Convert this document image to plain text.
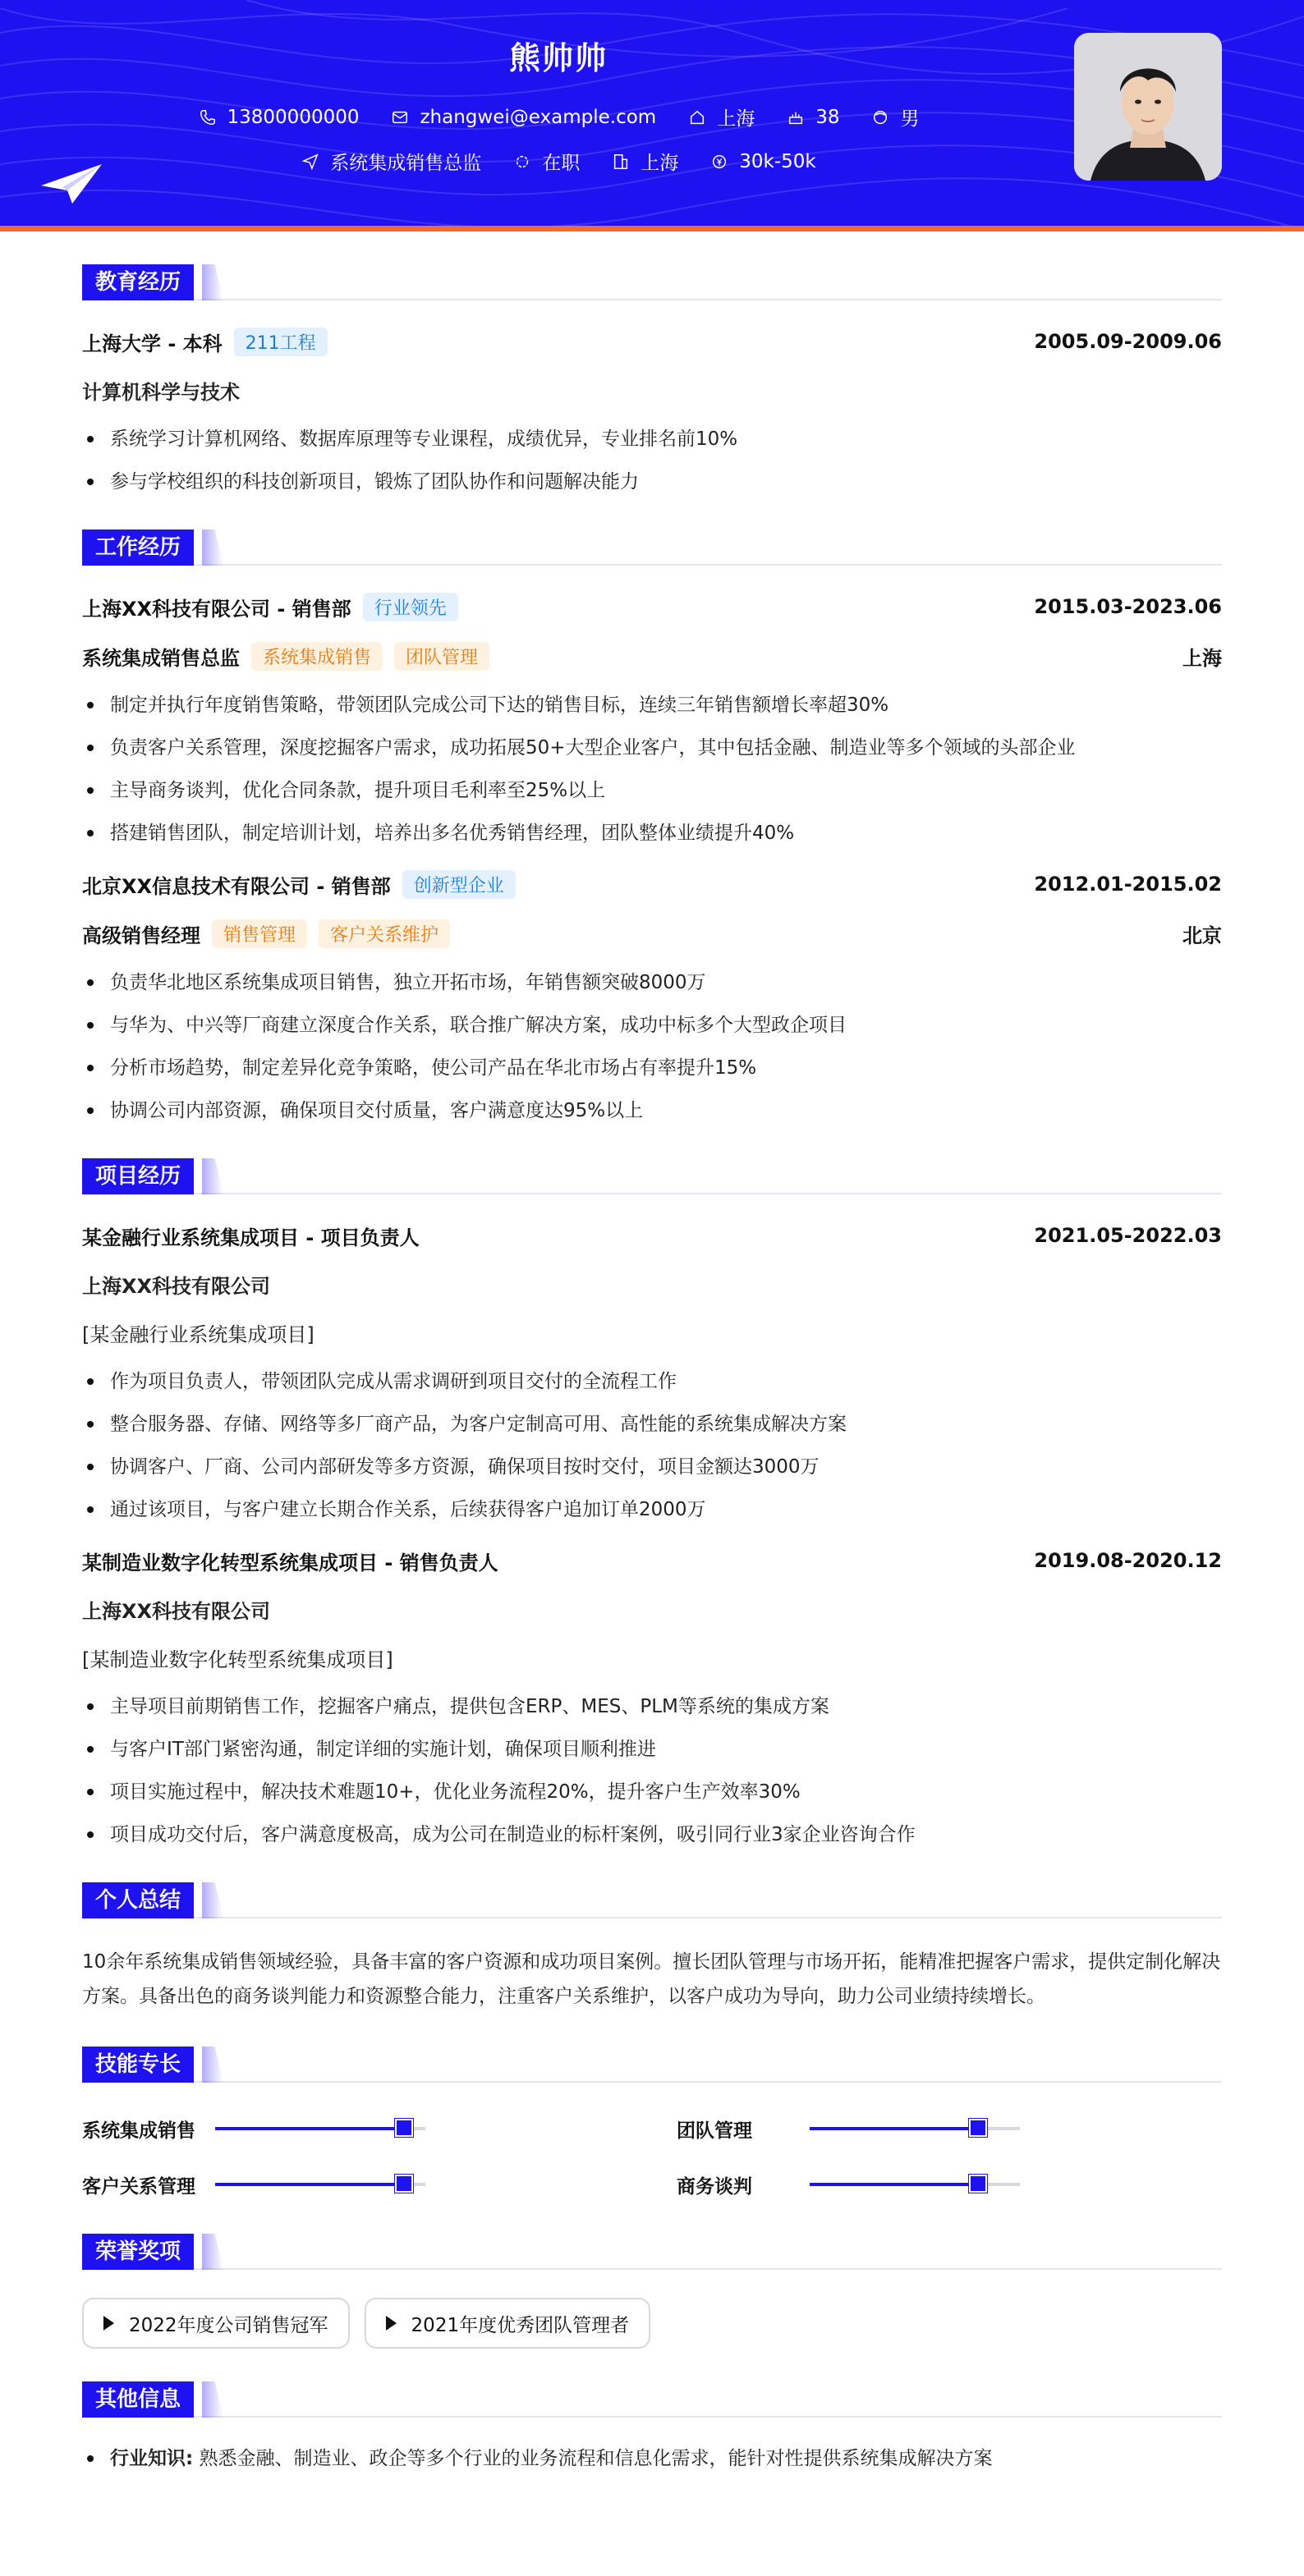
熊帅帅
13800000000	zhangwei@example.com	上海	38	男
系统集成销售总监	在职	上海	30k-50k
教育经历
上海大学 - 本科	211工程	2005.09-2009.06
计算机科学与技术
系统学习计算机网络、数据库原理等专业课程，成绩优异，专业排名前10%
参与学校组织的科技创新项目，锻炼了团队协作和问题解决能力
工作经历
上海XX科技有限公司 - 销售部	行业领先	2015.03-2023.06
系统集成销售总监	系统集成销售	团队管理	上海
制定并执行年度销售策略，带领团队完成公司下达的销售目标，连续三年销售额增长率超30%
负责客户关系管理，深度挖掘客户需求，成功拓展50+大型企业客户，其中包括金融、制造业等多个领域的头部企业
主导商务谈判，优化合同条款，提升项目毛利率至25%以上
搭建销售团队，制定培训计划，培养出多名优秀销售经理，团队整体业绩提升40%
北京XX信息技术有限公司 - 销售部	创新型企业	2012.01-2015.02
高级销售经理	销售管理	客户关系维护	北京
负责华北地区系统集成项目销售，独立开拓市场，年销售额突破8000万
与华为、中兴等厂商建立深度合作关系，联合推广解决方案，成功中标多个大型政企项目
分析市场趋势，制定差异化竞争策略，使公司产品在华北市场占有率提升15%
协调公司内部资源，确保项目交付质量，客户满意度达95%以上
项目经历
某金融行业系统集成项目 - 项目负责人	2021.05-2022.03
上海XX科技有限公司
[某金融行业系统集成项目]
作为项目负责人，带领团队完成从需求调研到项目交付的全流程工作
整合服务器、存储、网络等多厂商产品，为客户定制高可用、高性能的系统集成解决方案
协调客户、厂商、公司内部研发等多方资源，确保项目按时交付，项目金额达3000万
通过该项目，与客户建立长期合作关系，后续获得客户追加订单2000万
某制造业数字化转型系统集成项目 - 销售负责人	2019.08-2020.12
上海XX科技有限公司
[某制造业数字化转型系统集成项目]
主导项目前期销售工作，挖掘客户痛点，提供包含ERP、MES、PLM等系统的集成方案
与客户IT部门紧密沟通，制定详细的实施计划，确保项目顺利推进
项目实施过程中，解决技术难题10+，优化业务流程20%，提升客户生产效率30%
项目成功交付后，客户满意度极高，成为公司在制造业的标杆案例，吸引同行业3家企业咨询合作
个人总结

10余年系统集成销售领域经验，具备丰富的客户资源和成功项目案例。擅长团队管理与市场开拓，能精准把握客户需求，提供定制化解决方案。具备出色的商务谈判能力和资源整合能力，注重客户关系维护，以客户成功为导向，助力公司业绩持续增长。

技能专长
系统集成销售	团队管理
客户关系管理	商务谈判
荣誉奖项
2022年度公司销售冠军	2021年度优秀团队管理者
其他信息
行业知识: 熟悉金融、制造业、政企等多个行业的业务流程和信息化需求，能针对性提供系统集成解决方案
